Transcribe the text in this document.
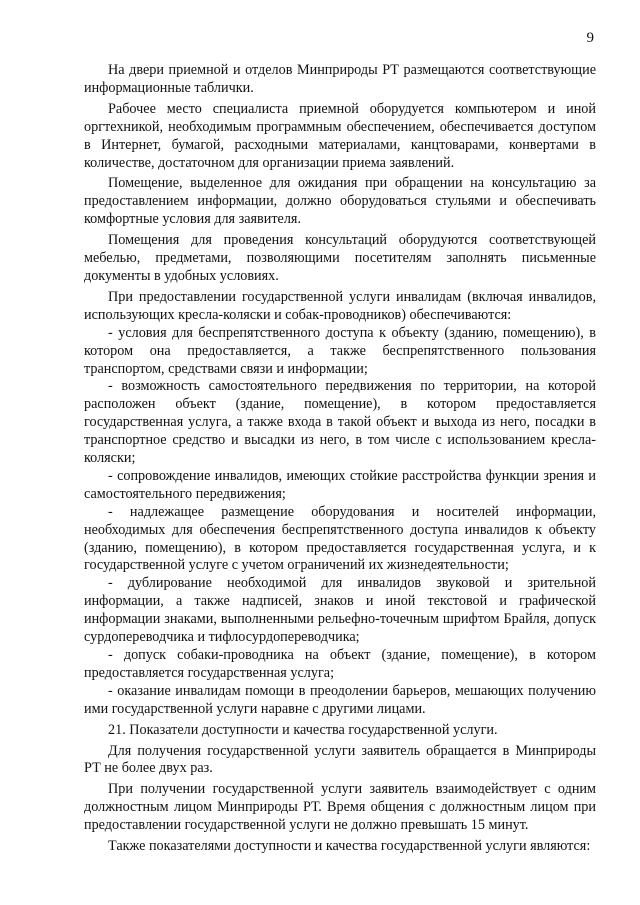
9

На двери приемной и отделов Минприроды РТ размещаются соответствующие информационные таблички.

Рабочее место специалиста приемной оборудуется компьютером и иной оргтехникой, необходимым программным обеспечением, обеспечивается доступом в Интернет, бумагой, расходными материалами, канцтоварами, конвертами в количестве, достаточном для организации приема заявлений.

Помещение, выделенное для ожидания при обращении на консультацию за предоставлением информации, должно оборудоваться стульями и обеспечивать комфортные условия для заявителя.

Помещения для проведения консультаций оборудуются соответствующей мебелью, предметами, позволяющими посетителям заполнять письменные документы в удобных условиях.

При предоставлении государственной услуги инвалидам (включая инвалидов, использующих кресла-коляски и собак-проводников) обеспечиваются:

- условия для беспрепятственного доступа к объекту (зданию, помещению), в котором она предоставляется, а также беспрепятственного пользования транспортом, средствами связи и информации;

- возможность самостоятельного передвижения по территории, на которой расположен объект (здание, помещение), в котором предоставляется государственная услуга, а также входа в такой объект и выхода из него, посадки в транспортное средство и высадки из него, в том числе с использованием кресла-коляски;

- сопровождение инвалидов, имеющих стойкие расстройства функции зрения и самостоятельного передвижения;

- надлежащее размещение оборудования и носителей информации, необходимых для обеспечения беспрепятственного доступа инвалидов к объекту (зданию, помещению), в котором предоставляется государственная услуга, и к государственной услуге с учетом ограничений их жизнедеятельности;

- дублирование необходимой для инвалидов звуковой и зрительной информации, а также надписей, знаков и иной текстовой и графической информации знаками, выполненными рельефно-точечным шрифтом Брайля, допуск сурдопереводчика и тифлосурдопереводчика;

- допуск собаки-проводника на объект (здание, помещение), в котором предоставляется государственная услуга;

- оказание инвалидам помощи в преодолении барьеров, мешающих получению ими государственной услуги наравне с другими лицами.

21. Показатели доступности и качества государственной услуги.

Для получения государственной услуги заявитель обращается в Минприроды РТ не более двух раз.

При получении государственной услуги заявитель взаимодействует с одним должностным лицом Минприроды РТ. Время общения с должностным лицом при предоставлении государственной услуги не должно превышать 15 минут.

Также показателями доступности и качества государственной услуги являются:
